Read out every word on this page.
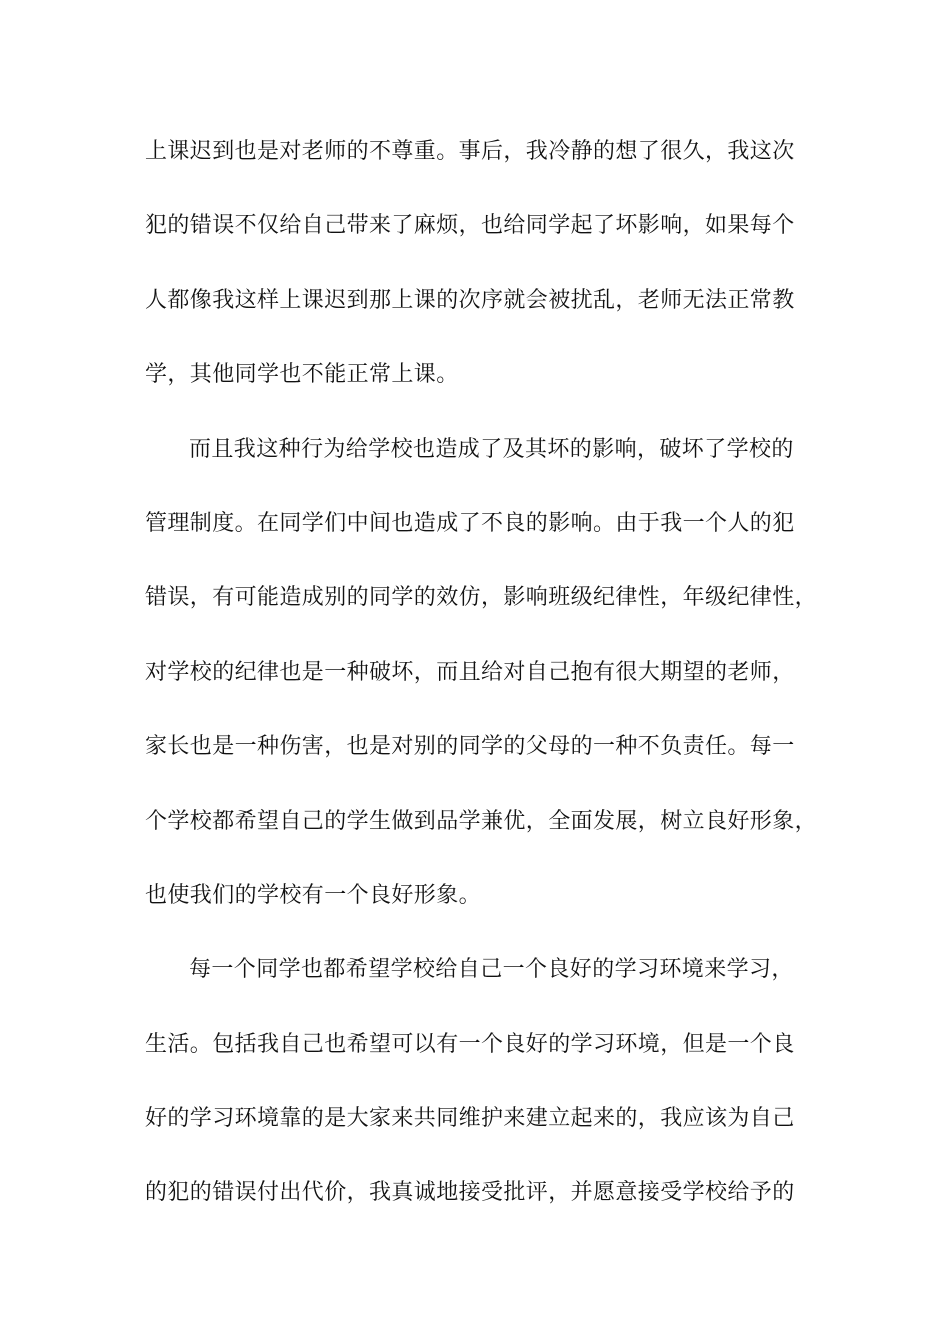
上课迟到也是对老师的不尊重。事后，我冷静的想了很久，我这次
犯的错误不仅给自己带来了麻烦，也给同学起了坏影响，如果每个
人都像我这样上课迟到那上课的次序就会被扰乱，老师无法正常教
学，其他同学也不能正常上课。
而且我这种行为给学校也造成了及其坏的影响，破坏了学校的
管理制度。在同学们中间也造成了不良的影响。由于我一个人的犯
错误，有可能造成别的同学的效仿，影响班级纪律性，年级纪律性，
对学校的纪律也是一种破坏，而且给对自己抱有很大期望的老师，
家长也是一种伤害，也是对别的同学的父母的一种不负责任。每一
个学校都希望自己的学生做到品学兼优，全面发展，树立良好形象，
也使我们的学校有一个良好形象。
每一个同学也都希望学校给自己一个良好的学习环境来学习，
生活。包括我自己也希望可以有一个良好的学习环境，但是一个良
好的学习环境靠的是大家来共同维护来建立起来的，我应该为自己
的犯的错误付出代价，我真诚地接受批评，并愿意接受学校给予的
